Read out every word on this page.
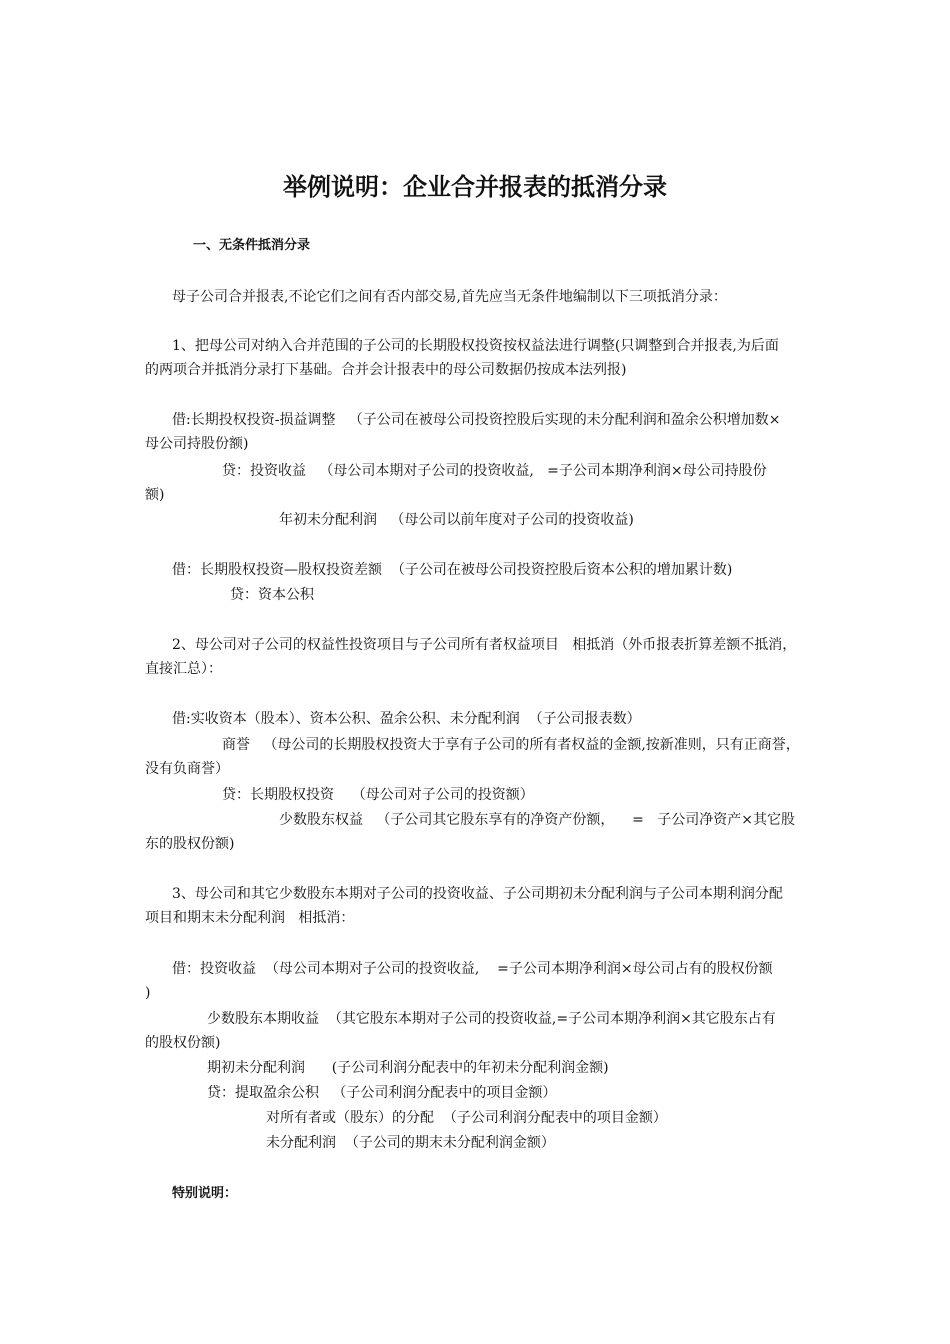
举例说明：企业合并报表的抵消分录
一、无条件抵消分录
母子公司合并报表,不论它们之间有否内部交易,首先应当无条件地编制以下三项抵消分录：
1、把母公司对纳入合并范围的子公司的长期股权投资按权益法进行调整(只调整到合并报表,为后面
的两项合并抵消分录打下基础。合并会计报表中的母公司数据仍按成本法列报)
借:长期投权投资-损益调整   （子公司在被母公司投资控股后实现的未分配利润和盈余公积增加数×
母公司持股份额)
贷：投资收益   （母公司本期对子公司的投资收益,   =子公司本期净利润×母公司持股份
额)
年初未分配利润   （母公司以前年度对子公司的投资收益)
借：长期股权投资—股权投资差额  （子公司在被母公司投资控股后资本公积的增加累计数)
贷：资本公积
2、母公司对子公司的权益性投资项目与子公司所有者权益项目   相抵消（外币报表折算差额不抵消，
直接汇总）：
借:实收资本（股本）、资本公积、盈余公积、未分配利润  （子公司报表数）
商誉   （母公司的长期股权投资大于享有子公司的所有者权益的金额,按新准则，只有正商誉，
没有负商誉）
贷：长期股权投资    （母公司对子公司的投资额）
少数股东权益   （子公司其它股东享有的净资产份额，    =   子公司净资产×其它股
东的股权份额)
3、母公司和其它少数股东本期对子公司的投资收益、子公司期初未分配利润与子公司本期利润分配
项目和期末未分配利润   相抵消：
借：投资收益  （母公司本期对子公司的投资收益,    =子公司本期净利润×母公司占有的股权份额
)
少数股东本期收益  （其它股东本期对子公司的投资收益,=子公司本期净利润×其它股东占有
的股权份额)
期初未分配利润      (子公司利润分配表中的年初未分配利润金额)
贷：提取盈余公积   （子公司利润分配表中的项目金额）
对所有者或（股东）的分配  （子公司利润分配表中的项目金额）
未分配利润  （子公司的期末未分配利润金额）
特别说明：
